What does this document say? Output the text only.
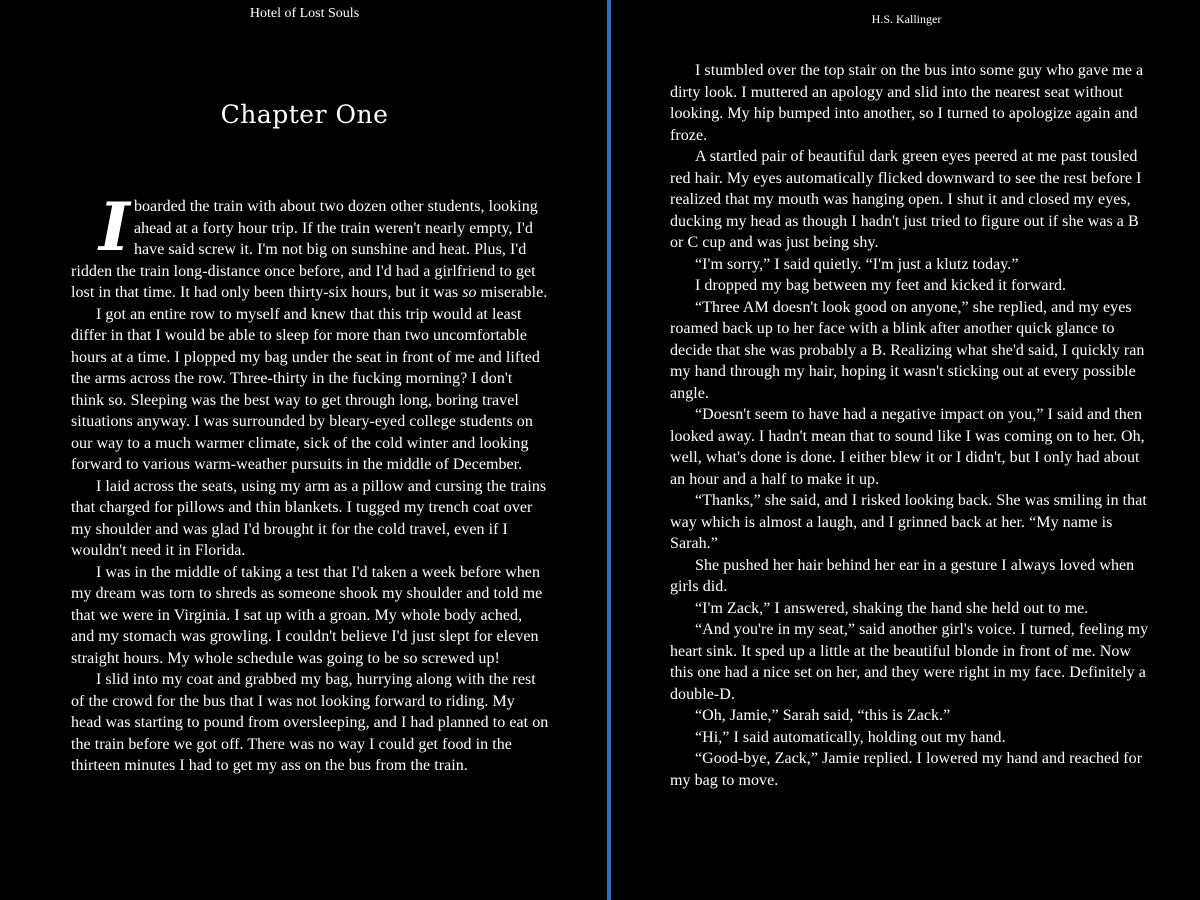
Hotel of Lost Souls
Chapter One

Iboarded the train with about two dozen other students, looking ahead at a forty hour trip. If the train weren't nearly empty, I'd have said screw it. I'm not big on sunshine and heat. Plus, I'd ridden the train long-distance once before, and I'd had a girlfriend to get lost in that time. It had only been thirty-six hours, but it was so miserable.

I got an entire row to myself and knew that this trip would at least differ in that I would be able to sleep for more than two uncomfortable hours at a time. I plopped my bag under the seat in front of me and lifted the arms across the row. Three-thirty in the fucking morning? I don't think so. Sleeping was the best way to get through long, boring travel situations anyway. I was surrounded by bleary-eyed college students on our way to a much warmer climate, sick of the cold winter and looking forward to various warm-weather pursuits in the middle of December.

I laid across the seats, using my arm as a pillow and cursing the trains that charged for pillows and thin blankets. I tugged my trench coat over my shoulder and was glad I'd brought it for the cold travel, even if I wouldn't need it in Florida.

I was in the middle of taking a test that I'd taken a week before when my dream was torn to shreds as someone shook my shoulder and told me that we were in Virginia. I sat up with a groan. My whole body ached, and my stomach was growling. I couldn't believe I'd just slept for eleven straight hours. My whole schedule was going to be so screwed up!

I slid into my coat and grabbed my bag, hurrying along with the rest of the crowd for the bus that I was not looking forward to riding. My head was starting to pound from oversleeping, and I had planned to eat on the train before we got off. There was no way I could get food in the thirteen minutes I had to get my ass on the bus from the train.

H.S. Kallinger

I stumbled over the top stair on the bus into some guy who gave me a dirty look. I muttered an apology and slid into the nearest seat without looking. My hip bumped into another, so I turned to apologize again and froze.

A startled pair of beautiful dark green eyes peered at me past tousled red hair. My eyes automatically flicked downward to see the rest before I realized that my mouth was hanging open. I shut it and closed my eyes, ducking my head as though I hadn't just tried to figure out if she was a B or C cup and was just being shy.

“I'm sorry,” I said quietly. “I'm just a klutz today.”

I dropped my bag between my feet and kicked it forward.

“Three AM doesn't look good on anyone,” she replied, and my eyes roamed back up to her face with a blink after another quick glance to decide that she was probably a B. Realizing what she'd said, I quickly ran my hand through my hair, hoping it wasn't sticking out at every possible angle.

“Doesn't seem to have had a negative impact on you,” I said and then looked away. I hadn't mean that to sound like I was coming on to her. Oh, well, what's done is done. I either blew it or I didn't, but I only had about an hour and a half to make it up.

“Thanks,” she said, and I risked looking back. She was smiling in that way which is almost a laugh, and I grinned back at her. “My name is Sarah.”

She pushed her hair behind her ear in a gesture I always loved when girls did.

“I'm Zack,” I answered, shaking the hand she held out to me.

“And you're in my seat,” said another girl's voice. I turned, feeling my heart sink. It sped up a little at the beautiful blonde in front of me. Now this one had a nice set on her, and they were right in my face. Definitely a double-D.

“Oh, Jamie,” Sarah said, “this is Zack.”

“Hi,” I said automatically, holding out my hand.

“Good-bye, Zack,” Jamie replied. I lowered my hand and reached for my bag to move.
